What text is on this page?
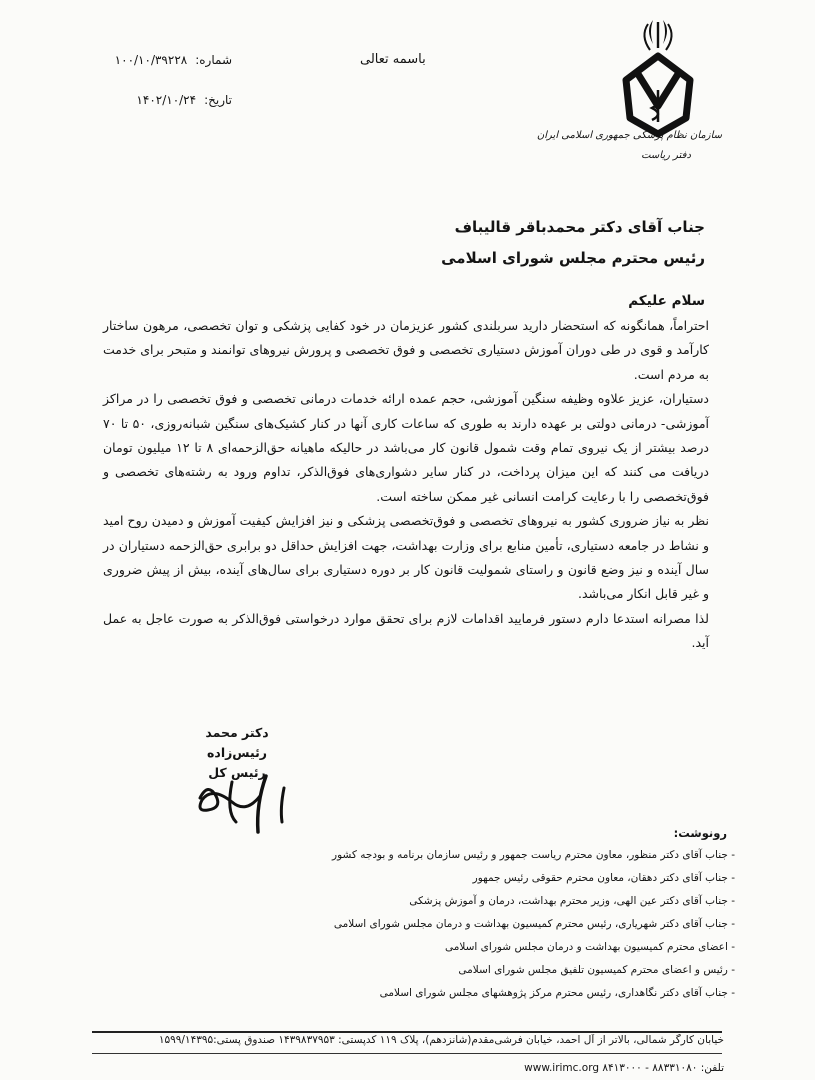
سازمان نظام پزشکی جمهوری اسلامی ایران
دفتر ریاست
شماره:
۱۰۰/۱۰/۳۹۲۲۸
تاریخ:
۱۴۰۲/۱۰/۲۴
باسمه تعالی
جناب آقای دکتر محمدباقر قالیباف
رئیس محترم مجلس شورای اسلامی
سلام علیکم

احتراماً، همانگونه که استحضار دارید سربلندی کشور عزیزمان در خود کفایی پزشکی و توان تخصصی، مرهون ساختار کارآمد و قوی در طی دوران آموزش دستیاری تخصصی و فوق تخصصی و پرورش نیروهای توانمند و متبحر برای خدمت به مردم است.

دستیاران، عزیز علاوه وظیفه سنگین آموزشی، حجم عمده ارائه خدمات درمانی تخصصی و فوق تخصصی را در مراکز آموزشی- درمانی دولتی بر عهده دارند به طوری که ساعات کاری آنها در کنار کشیک‌های سنگین شبانه‌روزی، ۵۰ تا ۷۰ درصد بیشتر از یک نیروی تمام وقت شمول قانون کار می‌باشد در حالیکه ماهیانه حق‌الزحمه‌ای ۸ تا ۱۲ میلیون تومان دریافت می کنند که این میزان پرداخت، در کنار سایر دشواری‌های فوق‌الذکر، تداوم ورود به رشته‌های تخصصی و فوق‌تخصصی را با رعایت کرامت انسانی غیر ممکن ساخته است.

نظر به نیاز ضروری کشور به نیروهای تخصصی و فوق‌تخصصی پزشکی و نیز افزایش کیفیت آموزش و دمیدن روح امید و نشاط در جامعه دستیاری، تأمین منابع برای وزارت بهداشت، جهت افزایش حداقل دو برابری حق‌الزحمه دستیاران در سال آینده و نیز وضع قانون و راستای شمولیت قانون کار بر دوره دستیاری برای سال‌های آینده، بیش از پیش ضروری و غیر قابل انکار می‌باشد.

لذا مصرانه استدعا دارم دستور فرمایید اقدامات لازم برای تحقق موارد درخواستی فوق‌الذکر به صورت عاجل به عمل آید.

دکتر محمد رئیس‌زاده
رئیس کل
رونوشت:
- جناب آقای دکتر منظور، معاون محترم ریاست جمهور و رئیس سازمان برنامه و بودجه کشور
- جناب آقای دکتر دهقان، معاون محترم حقوقی رئیس جمهور
- جناب آقای دکتر عین الهی، وزیر محترم بهداشت، درمان و آموزش پزشکی
- جناب آقای دکتر شهریاری، رئیس محترم کمیسیون بهداشت و درمان مجلس شورای اسلامی
- اعضای محترم کمیسیون بهداشت و درمان مجلس شورای اسلامی
- رئیس و اعضای محترم کمیسیون تلفیق مجلس شورای اسلامی
- جناب آقای دکتر نگاهداری، رئیس محترم مرکز پژوهشهای مجلس شورای اسلامی
خیابان کارگر شمالی، بالاتر از آل احمد، خیابان فرشی‌مقدم(شانزدهم)، پلاک ۱۱۹ کدپستی: ۱۴۳۹۸۳۷۹۵۳ صندوق پستی:۱۵۹۹/۱۴۳۹۵
تلفن: ۸۸۳۳۱۰۸۰ - ۸۴۱۳۰۰۰ www.irimc.org
